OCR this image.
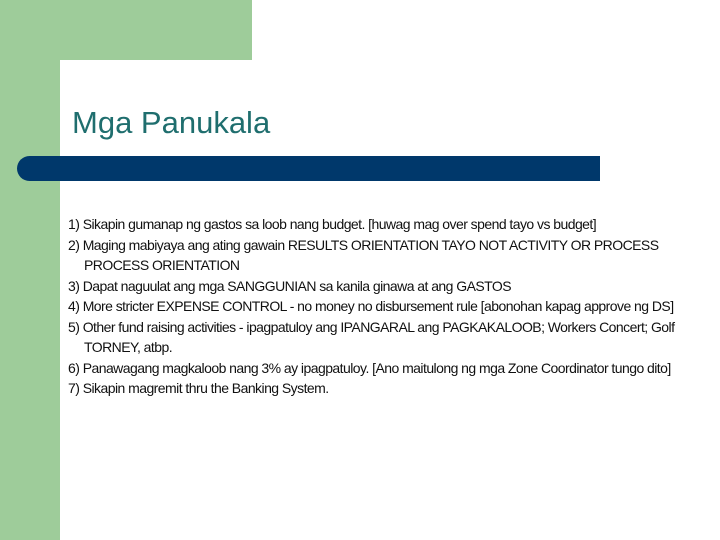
Mga Panukala
1) Sikapin gumanap ng gastos sa loob nang budget. [huwag mag over spend tayo vs budget]
2) Maging mabiyaya ang ating gawain RESULTS ORIENTATION TAYO NOT ACTIVITY OR PROCESS PROCESS ORIENTATION
3) Dapat naguulat ang mga SANGGUNIAN sa kanila ginawa at ang GASTOS
4) More stricter EXPENSE CONTROL - no money no disbursement rule [abonohan kapag approve ng DS]
5) Other fund raising activities - ipagpatuloy ang IPANGARAL ang PAGKAKALOOB; Workers Concert; Golf TORNEY, atbp.
6) Panawagang magkaloob nang 3% ay ipagpatuloy. [Ano maitulong ng mga Zone Coordinator tungo dito]
7) Sikapin magremit thru the Banking System.
